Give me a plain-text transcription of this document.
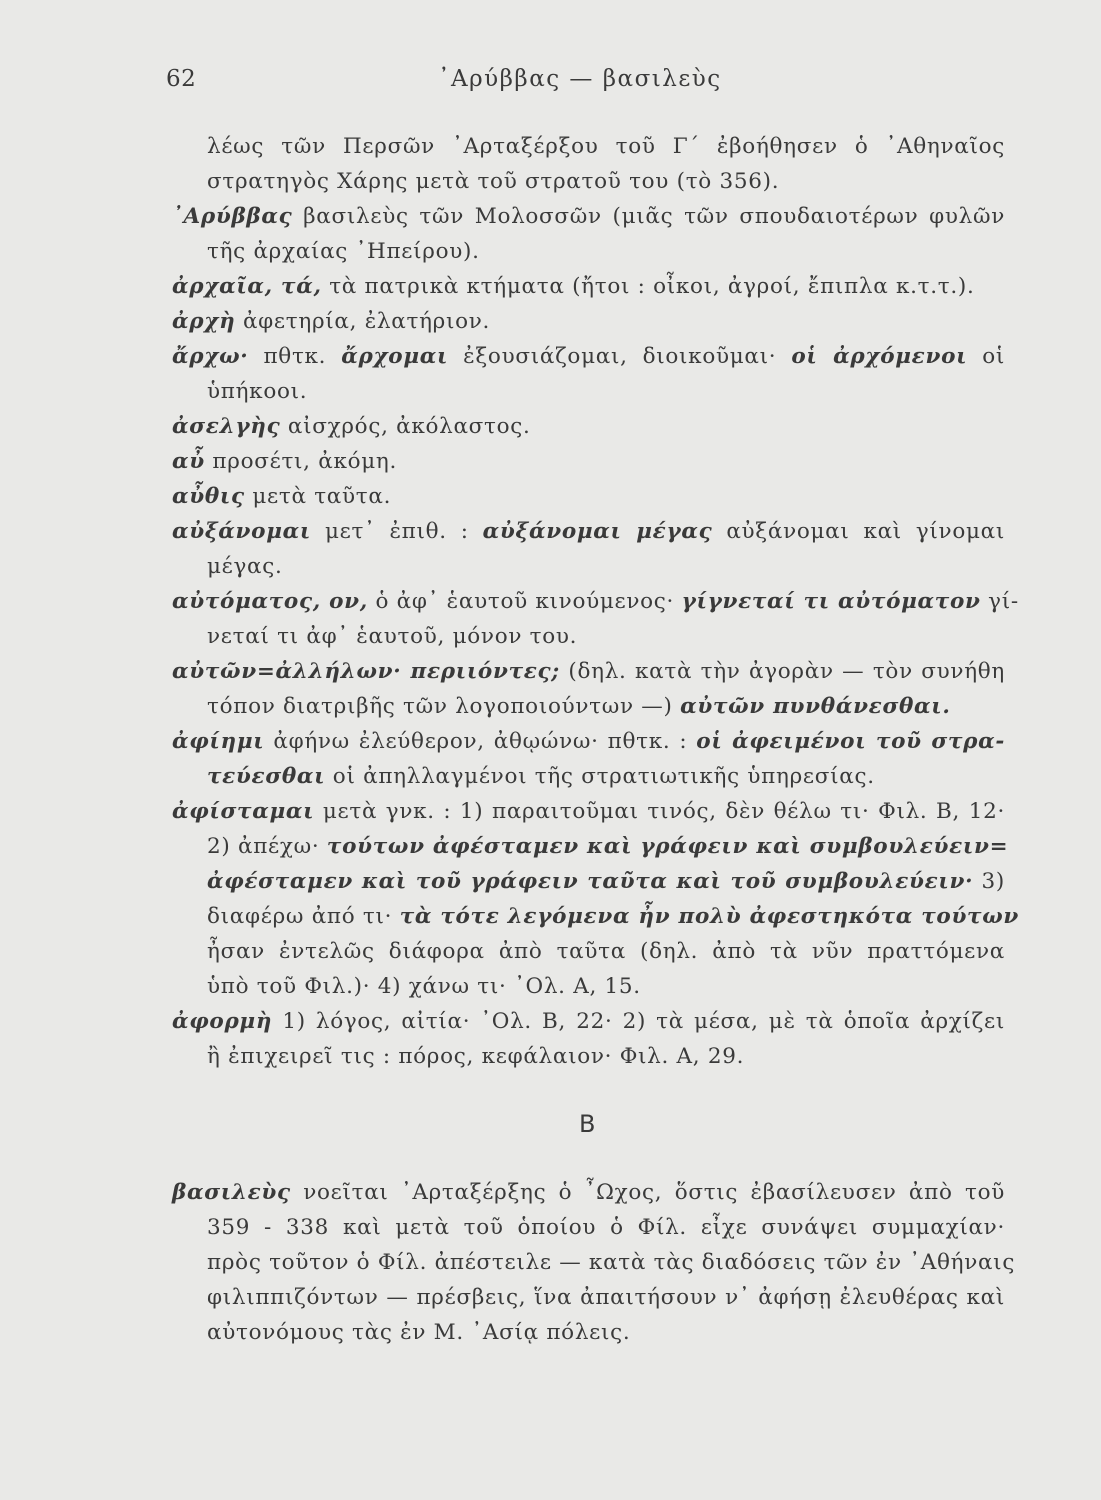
62	᾿Αρύββας — βασιλεὺς
λέως τῶν Περσῶν ᾿Αρταξέρξου τοῦ Γ΄ ἐβοήθησεν ὁ ᾿Αθηναῖος
στρατηγὸς Χάρης μετὰ τοῦ στρατοῦ του (τὸ 356).
᾿Αρύββας βασιλεὺς τῶν Μολοσσῶν (μιᾶς τῶν σπουδαιοτέρων φυλῶν
τῆς ἀρχαίας ᾿Ηπείρου).
ἀρχαῖα, τά, τὰ πατρικὰ κτήματα (ἤτοι : οἶκοι, ἀγροί, ἔπιπλα κ.τ.τ.).
ἀρχὴ ἀφετηρία, ἐλατήριον.
ἄρχω· πθτκ. ἄρχομαι ἐξουσιάζομαι, διοικοῦμαι· οἱ ἀρχόμενοι οἱ
ὑπήκοοι.
ἀσελγὴς αἰσχρός, ἀκόλαστος.
αὖ προσέτι, ἀκόμη.
αὖθις μετὰ ταῦτα.
αὐξάνομαι μετ᾿ ἐπιθ. : αὐξάνομαι μέγας αὐξάνομαι καὶ γίνομαι
μέγας.
αὐτόματος, ον, ὁ ἀφ᾿ ἑαυτοῦ κινούμενος· γίγνεταί τι αὐτόματον γί-
νεταί τι ἀφ᾿ ἑαυτοῦ, μόνον του.
αὐτῶν=ἀλλήλων· περιιόντες; (δηλ. κατὰ τὴν ἀγορὰν — τὸν συνήθη
τόπον διατριβῆς τῶν λογοποιούντων —) αὐτῶν πυνθάνεσθαι.
ἀφίημι ἀφήνω ἐλεύθερον, ἀθῳώνω· πθτκ. : οἱ ἀφειμένοι τοῦ στρα-
τεύεσθαι οἱ ἀπηλλαγμένοι τῆς στρατιωτικῆς ὑπηρεσίας.
ἀφίσταμαι μετὰ γνκ. : 1) παραιτοῦμαι τινός, δὲν θέλω τι· Φιλ. Β, 12·
2) ἀπέχω· τούτων ἀφέσταμεν καὶ γράφειν καὶ συμβουλεύειν=
ἀφέσταμεν καὶ τοῦ γράφειν ταῦτα καὶ τοῦ συμβουλεύειν· 3)
διαφέρω ἀπό τι· τὰ τότε λεγόμενα ἦν πολὺ ἀφεστηκότα τούτων
ἦσαν ἐντελῶς διάφορα ἀπὸ ταῦτα (δηλ. ἀπὸ τὰ νῦν πραττόμενα
ὑπὸ τοῦ Φιλ.)· 4) χάνω τι· ᾿Ολ. Α, 15.
ἀφορμὴ 1) λόγος, αἰτία· ᾿Ολ. Β, 22· 2) τὰ μέσα, μὲ τὰ ὁποῖα ἀρχίζει
ἢ ἐπιχειρεῖ τις : πόρος, κεφάλαιον· Φιλ. Α, 29.
βασιλεὺς νοεῖται ᾿Αρταξέρξης ὁ ῏Ωχος, ὅστις ἐβασίλευσεν ἀπὸ τοῦ
359 - 338 καὶ μετὰ τοῦ ὁποίου ὁ Φίλ. εἶχε συνάψει συμμαχίαν·
πρὸς τοῦτον ὁ Φίλ. ἀπέστειλε — κατὰ τὰς διαδόσεις τῶν ἐν ᾿Αθήναις
φιλιππιζόντων — πρέσβεις, ἵνα ἀπαιτήσουν ν᾿ ἀφήσῃ ἐλευθέρας καὶ
αὐτονόμους τὰς ἐν Μ. ᾿Ασίᾳ πόλεις.
B
